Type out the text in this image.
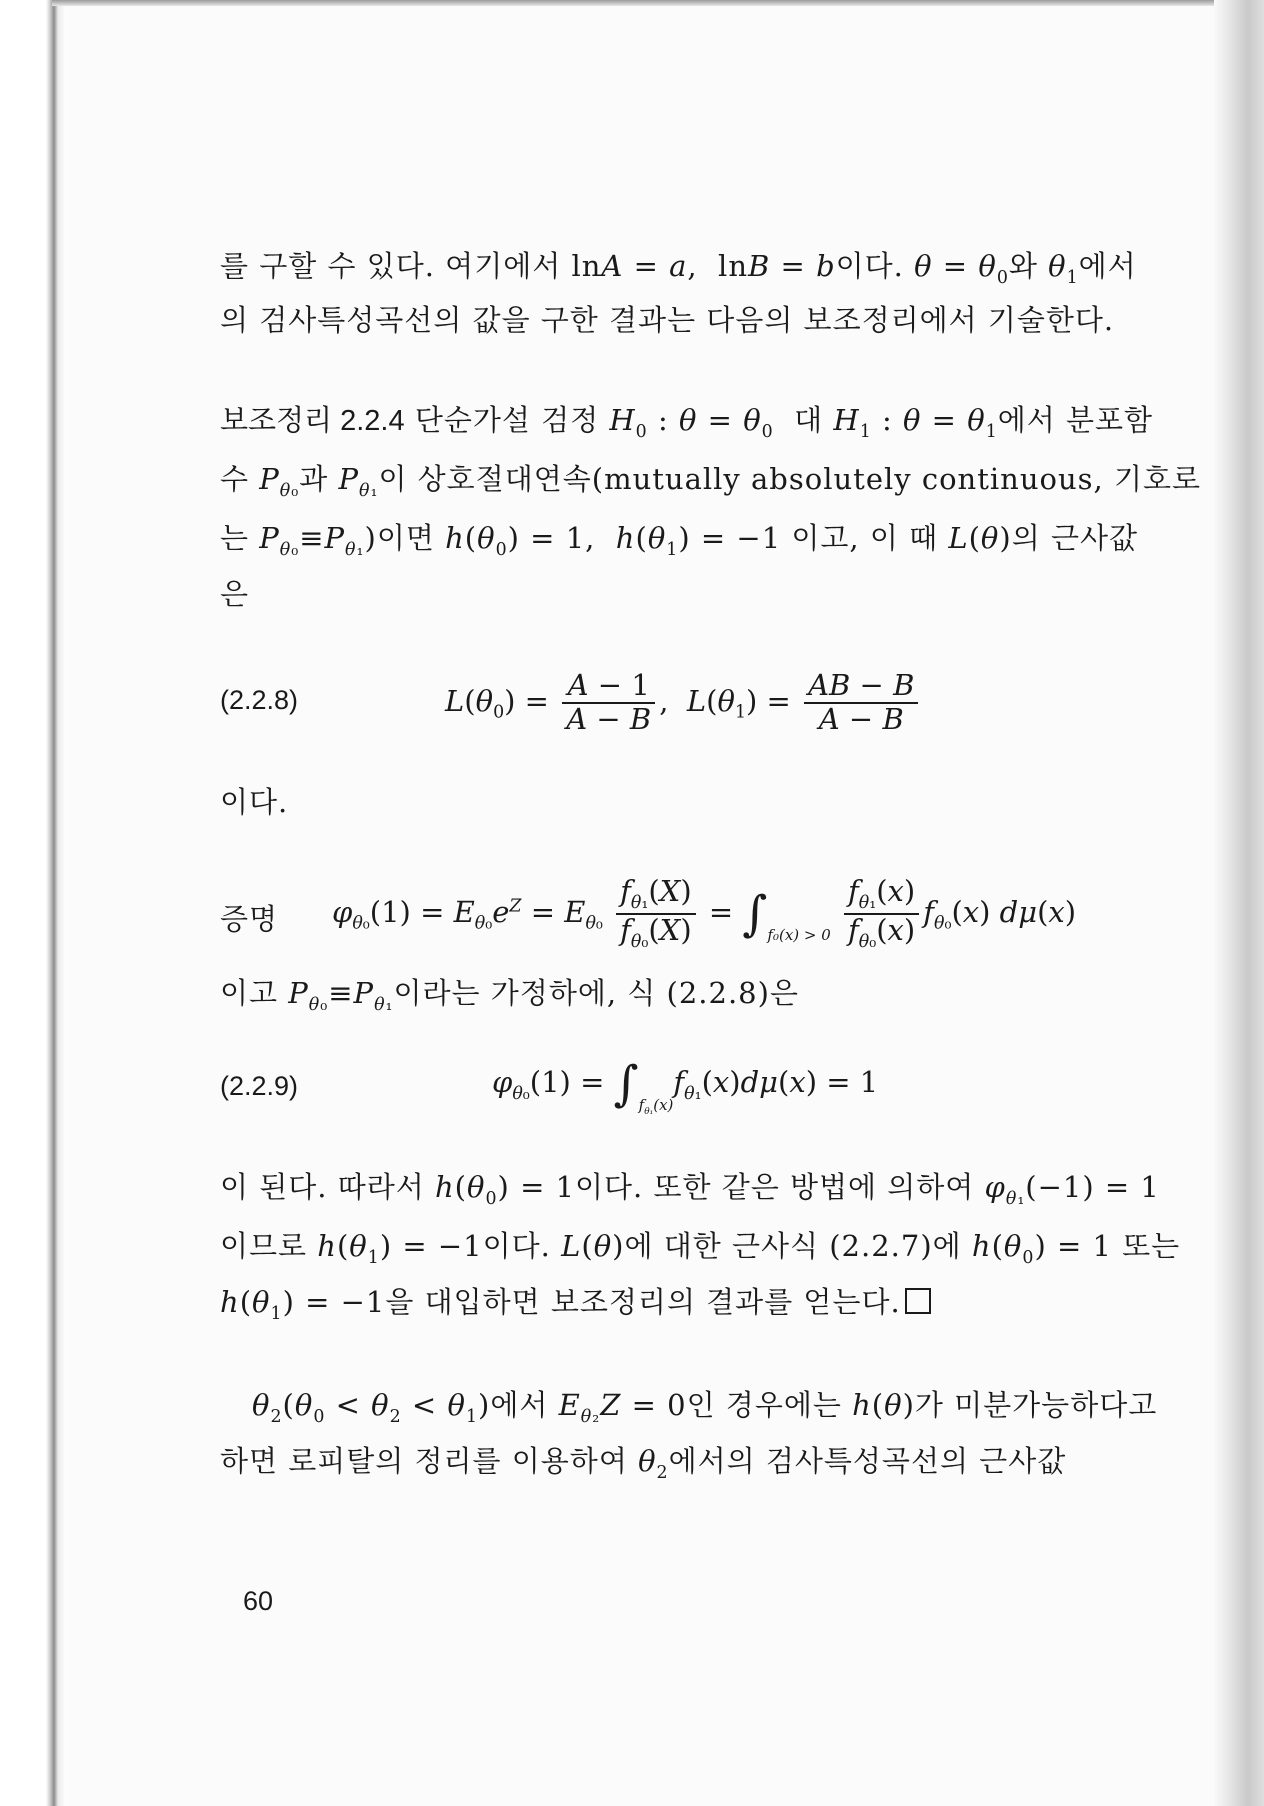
를 구할 수 있다. 여기에서 lnA = a,  lnB = b이다. $\theta = \theta_0$와 $\theta_1$에서
의 검사특성곡선의 값을 구한 결과는 다음의 보조정리에서 기술한다.
보조정리 2.2.4 단순가설 검정 $H_0$ : $\theta = \theta_0$ 대 $H_1$ : $\theta = \theta_1$에서 분포함
수 $P_{\theta_0}$과 $P_{\theta_1}$이 상호절대연속(mutually absolutely continuous, 기호로
는 $P_{\theta_0}\equiv P_{\theta_1}$)이면 $h(\theta_0) = 1$,  $h(\theta_1) = -1$ 이고, 이 때 L(θ)의 근사값
은
(2.2.8)	$L(\theta_0) = \frac{A - 1}{A - B}$ ,  $L(\theta_1) = \frac{AB - B}{A - B}$
이다.
증명 $\varphi_{\theta_0}(1) = E_{\theta_0}e^Z = E_{\theta_0} \frac{f_{\theta_1}(X)}{f_{\theta_0}(X)} = \int_{f_0(x) > 0} \frac{f_{\theta_1}(x)}{f_{\theta_0}(x)} f_{\theta_0}(x)$ dμ(x)
이고 $P_{\theta_0}\equiv P_{\theta_1}$이라는 가정하에, 식 (2.2.8)은
(2.2.9)	$\varphi_{\theta_0}(1) = \int_{f_{\theta_1}(x)}f_{\theta_1}(x)d\mu(x) = 1$
이 된다. 따라서 $h(\theta_0) = 1$이다. 또한 같은 방법에 의하여 $\varphi_{\theta_1}(-1) = 1$
이므로 $h(\theta_1) = -1$이다. L(θ)에 대한 근사식 (2.2.7)에 $h(\theta_0) = 1$ 또는
$h(\theta_1) = -1$을 대입하면 보조정리의 결과를 얻는다.
$\theta_2(\theta_0 < \theta_2 < \theta_1)$에서 $E_{\theta_2}Z = 0$인 경우에는 h(θ)가 미분가능하다고
하면 로피탈의 정리를 이용하여 $\theta_2$에서의 검사특성곡선의 근사값
60
